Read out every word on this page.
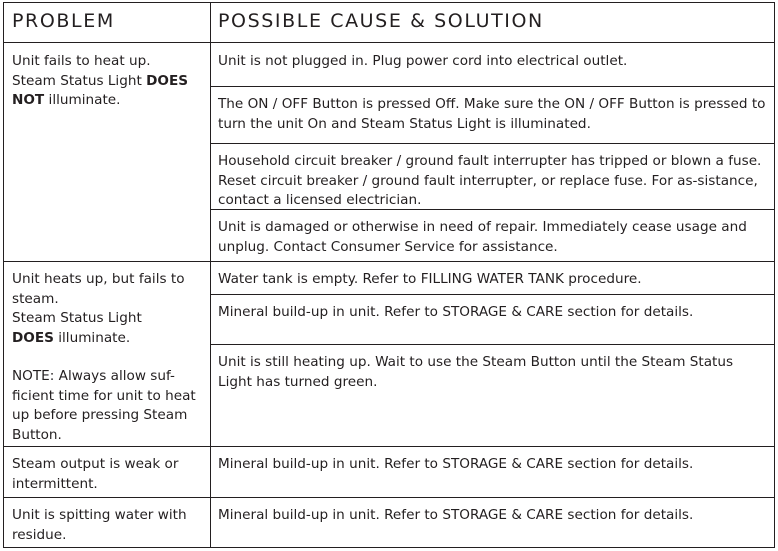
PROBLEM	POSSIBLE CAUSE & SOLUTION
Unit fails to heat up.
Steam Status Light DOES
NOT illuminate.
Unit is not plugged in. Plug power cord into electrical outlet.
The ON / OFF Button is pressed Off. Make sure the ON / OFF Button is pressed to turn the unit On and Steam Status Light is illuminated.
Household circuit breaker / ground fault interrupter has tripped or blown a fuse. Reset circuit breaker / ground fault interrupter, or replace fuse. For as-sistance, contact a licensed electrician.
Unit is damaged or otherwise in need of repair. Immediately cease usage and unplug. Contact Consumer Service for assistance.
Unit heats up, but fails to steam.
Steam Status Light
DOES illuminate.
NOTE: Always allow suf-ficient time for unit to heat up before pressing Steam Button.
Water tank is empty. Refer to FILLING WATER TANK procedure.
Mineral build-up in unit. Refer to STORAGE & CARE section for details.
Unit is still heating up. Wait to use the Steam Button until the Steam Status Light has turned green.
Steam output is weak or intermittent.
Mineral build-up in unit. Refer to STORAGE & CARE section for details.
Unit is spitting water with residue.
Mineral build-up in unit. Refer to STORAGE & CARE section for details.
